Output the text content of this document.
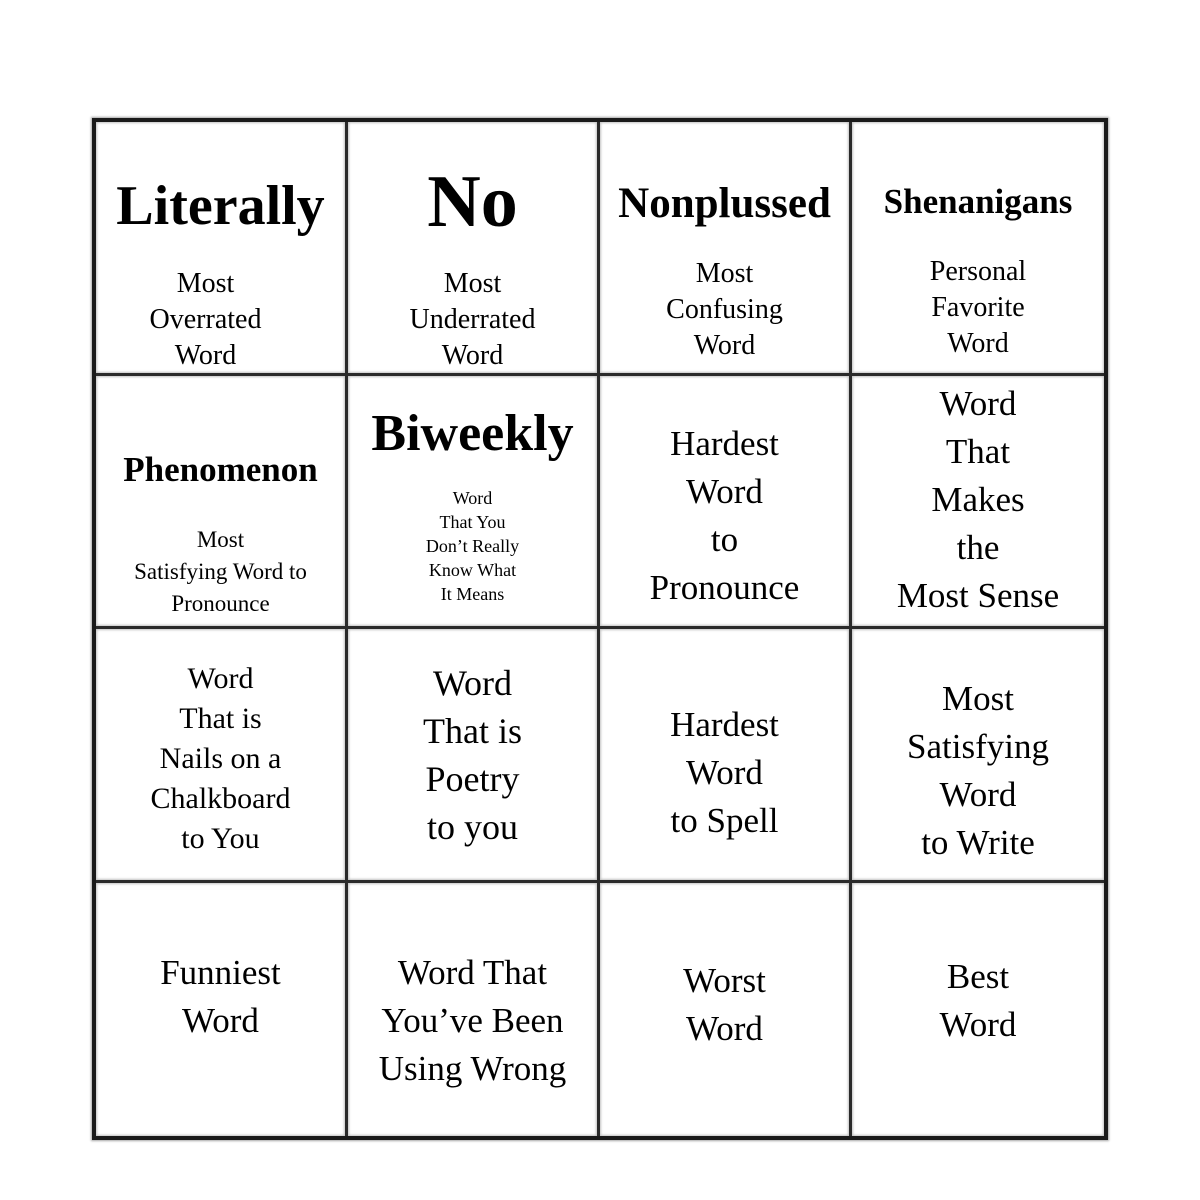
Literally
Most
Overrated
Word
No
Most
Underrated
Word
Nonplussed
Most
Confusing
Word
Shenanigans
Personal
Favorite
Word
Phenomenon
Most
Satisfying Word to
Pronounce
Biweekly
Word
That You
Don’t Really
Know What
It Means
Hardest
Word
to
Pronounce
Word
That
Makes
the
Most Sense
Word
That is
Nails on a
Chalkboard
to You
Word
That is
Poetry
to you
Hardest
Word
to Spell
Most
Satisfying
Word
to Write
Funniest
Word
Word That
You’ve Been
Using Wrong
Worst
Word
Best
Word
